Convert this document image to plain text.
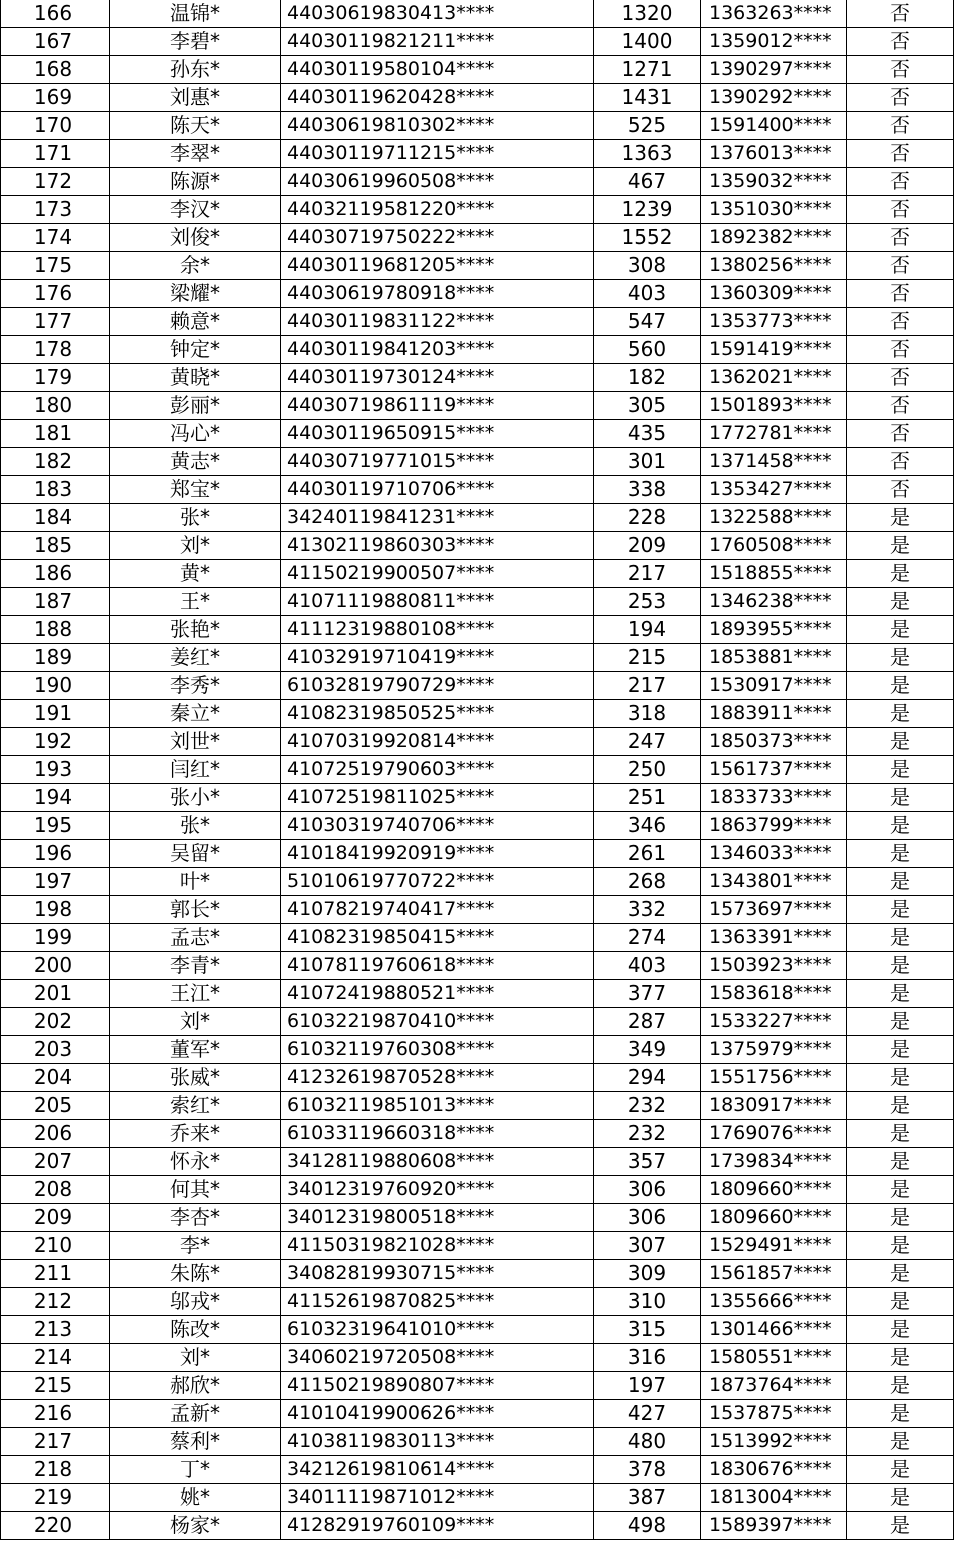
166	温锦*	44030619830413****	1320	1363263****	否
167	李碧*	44030119821211****	1400	1359012****	否
168	孙东*	44030119580104****	1271	1390297****	否
169	刘惠*	44030119620428****	1431	1390292****	否
170	陈天*	44030619810302****	525	1591400****	否
171	李翠*	44030119711215****	1363	1376013****	否
172	陈源*	44030619960508****	467	1359032****	否
173	李汉*	44032119581220****	1239	1351030****	否
174	刘俊*	44030719750222****	1552	1892382****	否
175	余*	44030119681205****	308	1380256****	否
176	梁耀*	44030619780918****	403	1360309****	否
177	赖意*	44030119831122****	547	1353773****	否
178	钟定*	44030119841203****	560	1591419****	否
179	黄晓*	44030119730124****	182	1362021****	否
180	彭丽*	44030719861119****	305	1501893****	否
181	冯心*	44030119650915****	435	1772781****	否
182	黄志*	44030719771015****	301	1371458****	否
183	郑宝*	44030119710706****	338	1353427****	否
184	张*	34240119841231****	228	1322588****	是
185	刘*	41302119860303****	209	1760508****	是
186	黄*	41150219900507****	217	1518855****	是
187	王*	41071119880811****	253	1346238****	是
188	张艳*	41112319880108****	194	1893955****	是
189	姜红*	41032919710419****	215	1853881****	是
190	李秀*	61032819790729****	217	1530917****	是
191	秦立*	41082319850525****	318	1883911****	是
192	刘世*	41070319920814****	247	1850373****	是
193	闫红*	41072519790603****	250	1561737****	是
194	张小*	41072519811025****	251	1833733****	是
195	张*	41030319740706****	346	1863799****	是
196	吴留*	41018419920919****	261	1346033****	是
197	叶*	51010619770722****	268	1343801****	是
198	郭长*	41078219740417****	332	1573697****	是
199	孟志*	41082319850415****	274	1363391****	是
200	李青*	41078119760618****	403	1503923****	是
201	王江*	41072419880521****	377	1583618****	是
202	刘*	61032219870410****	287	1533227****	是
203	董军*	61032119760308****	349	1375979****	是
204	张威*	41232619870528****	294	1551756****	是
205	索红*	61032119851013****	232	1830917****	是
206	乔来*	61033119660318****	232	1769076****	是
207	怀永*	34128119880608****	357	1739834****	是
208	何其*	34012319760920****	306	1809660****	是
209	李杏*	34012319800518****	306	1809660****	是
210	李*	41150319821028****	307	1529491****	是
211	朱陈*	34082819930715****	309	1561857****	是
212	邬戎*	41152619870825****	310	1355666****	是
213	陈改*	61032319641010****	315	1301466****	是
214	刘*	34060219720508****	316	1580551****	是
215	郝欣*	41150219890807****	197	1873764****	是
216	孟新*	41010419900626****	427	1537875****	是
217	蔡利*	41038119830113****	480	1513992****	是
218	丁*	34212619810614****	378	1830676****	是
219	姚*	34011119871012****	387	1813004****	是
220	杨家*	41282919760109****	498	1589397****	是
